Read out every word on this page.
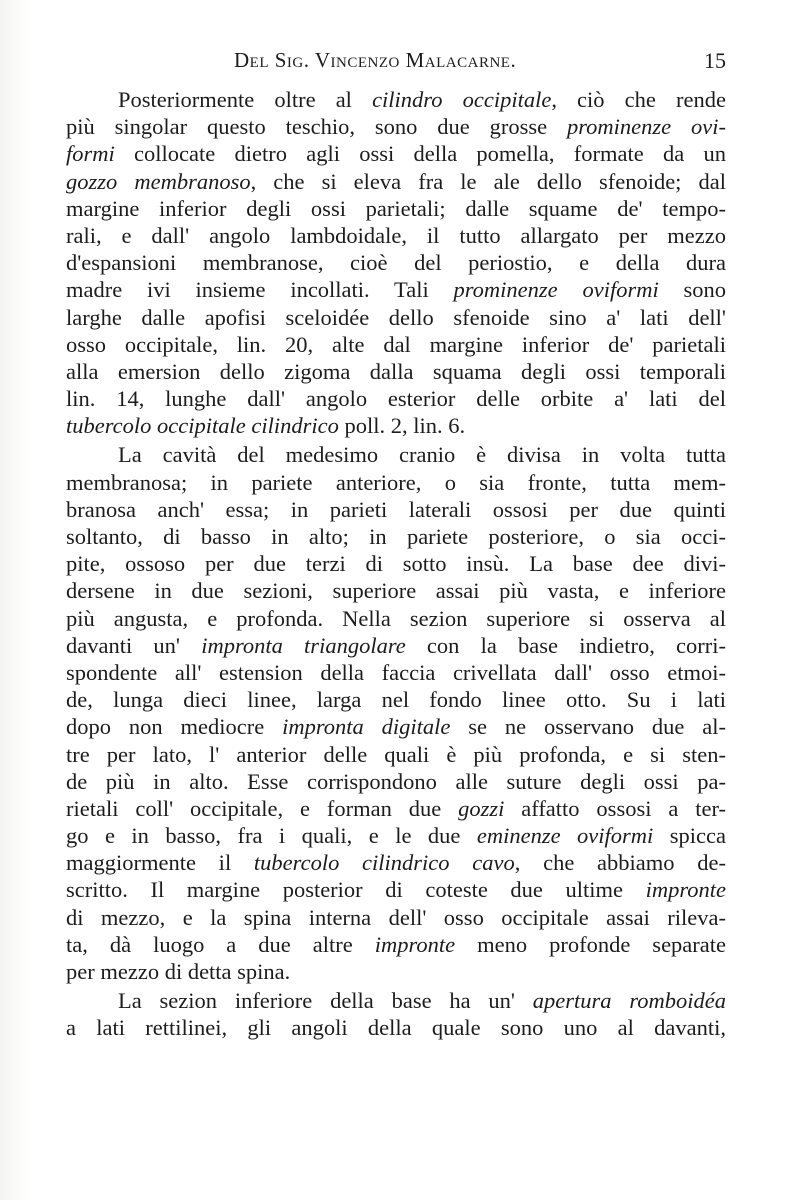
Del Sig. Vincenzo Malacarne.	15
Posteriormente oltre al cilindro occipitale, ciò che rende
più singolar questo teschio, sono due grosse prominenze ovi-
formi collocate dietro agli ossi della pomella, formate da un
gozzo membranoso, che si eleva fra le ale dello sfenoide; dal
margine inferior degli ossi parietali; dalle squame de' tempo-
rali, e dall' angolo lambdoidale, il tutto allargato per mezzo
d'espansioni membranose, cioè del periostio, e della dura
madre ivi insieme incollati. Tali prominenze oviformi sono
larghe dalle apofisi sceloidée dello sfenoide sino a' lati dell'
osso occipitale, lin. 20, alte dal margine inferior de' parietali
alla emersion dello zigoma dalla squama degli ossi temporali
lin. 14, lunghe dall' angolo esterior delle orbite a' lati del
tubercolo occipitale cilindrico poll. 2, lin. 6.
La cavità del medesimo cranio è divisa in volta tutta
membranosa; in pariete anteriore, o sia fronte, tutta mem-
branosa anch' essa; in parieti laterali ossosi per due quinti
soltanto, di basso in alto; in pariete posteriore, o sia occi-
pite, ossoso per due terzi di sotto insù. La base dee divi-
dersene in due sezioni, superiore assai più vasta, e inferiore
più angusta, e profonda. Nella sezion superiore si osserva al
davanti un' impronta triangolare con la base indietro, corri-
spondente all' estension della faccia crivellata dall' osso etmoi-
de, lunga dieci linee, larga nel fondo linee otto. Su i lati
dopo non mediocre impronta digitale se ne osservano due al-
tre per lato, l' anterior delle quali è più profonda, e si sten-
de più in alto. Esse corrispondono alle suture degli ossi pa-
rietali coll' occipitale, e forman due gozzi affatto ossosi a ter-
go e in basso, fra i quali, e le due eminenze oviformi spicca
maggiormente il tubercolo cilindrico cavo, che abbiamo de-
scritto. Il margine posterior di coteste due ultime impronte
di mezzo, e la spina interna dell' osso occipitale assai rileva-
ta, dà luogo a due altre impronte meno profonde separate
per mezzo di detta spina.
La sezion inferiore della base ha un' apertura romboidéa
a lati rettilinei, gli angoli della quale sono uno al davanti,
